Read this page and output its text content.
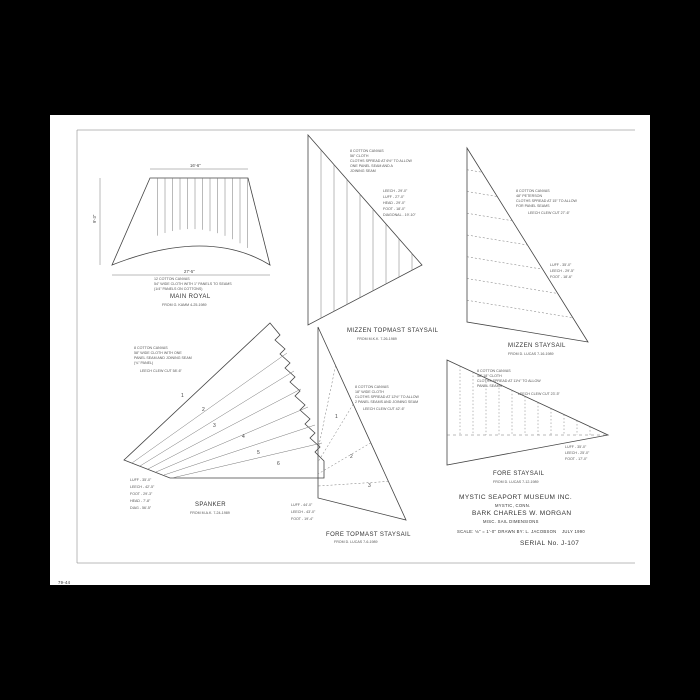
16'-6"
27'-5"
9'-3"
12 COTTON CANVAS
54" WIDE CLOTH WITH 1" PANELS TO SEAMS
(1/4" PANELS ON COTTONS)
MAIN ROYAL
FROM G. KAMM 4-25-1989
8 COTTON CANVAS
56" CLOTH
CLOTHS SPREAD AT 6½" TO ALLOW
ONE PANEL SEAM AND A
JOINING SEAM
LEECH - 29'-0"
LUFF - 27'-0"
HEAD - 29'-0"
FOOT - 18'-0"
DIAGONAL - 19'-10"
MIZZEN TOPMAST STAYSAIL
FROM M.K.K. 7-26-1989
8 COTTON CANVAS
48" PETERSON
CLOTHS SPREAD AT 15" TO ALLOW
FOR PANEL SEAMS
LEECH CLEW CUT 27'-6"
LUFF - 35'-0"
LEECH - 29'-5"
FOOT - 18'-6"
MIZZEN STAYSAIL
FROM D. LUCAS 7-16-1989
1
2
3
4
5
6
8 COTTON CANVAS
58" WIDE CLOTH WITH ONE
PANEL SEAM AND JOINING SEAM
(¾" PANEL)
LEECH CLEW CUT 58'-6"
LUFF - 35'-0"
LEECH - 42'-5"
FOOT - 29'-3"
HEAD - 7'-8"
DIAG - 56'-5"	SPANKER
FROM M.A.K. 7-24-1989
1
2
3
8 COTTON CANVAS
18" WIDE CLOTH
CLOTHS SPREAD AT 12½" TO ALLOW
2 PANEL SEAMS AND JOINING SEAM
LEECH CLEW CUT 42'-6"
LUFF - 44'-0"
LEECH - 43'-0"
FOOT - 19'-4"
FORE TOPMAST STAYSAIL
FROM D. LUCAS 7-6-1989
8 COTTON CANVAS
48" 18" CLOTH
CLOTHS SPREAD AT 11½" TO ALLOW
PANEL SEAMS
LEECH CLEW CUT 23'-5"
LUFF - 35'-0"
LEECH - 25'-0"
FOOT - 17'-0"
FORE STAYSAIL
FROM D. LUCAS 7-12-1989
MYSTIC SEAPORT MUSEUM INC.
MYSTIC, CONN.
BARK CHARLES W. MORGAN
MISC. SAIL DIMENSIONS
SCALE: ⅛" = 1'-0" DRAWN BY: L. JACOBSON JULY 1990
SERIAL No. J-107
79-44
